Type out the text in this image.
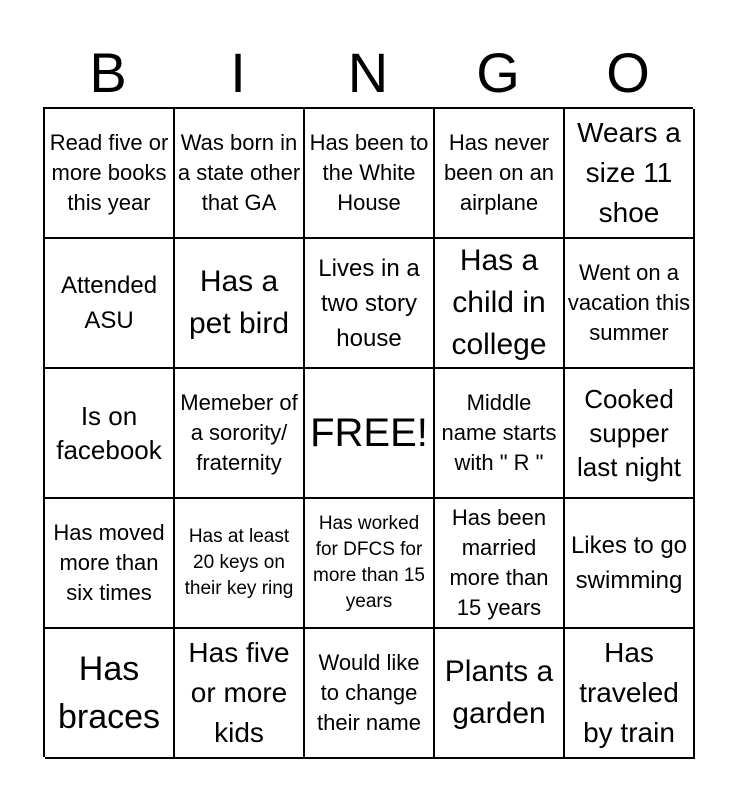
B	I	N	G	O
Read five or more books this year
Was born in a state other that GA
Has been to the White House
Has never been on an airplane
Wears a size 11 shoe
Attended ASU
Has a pet bird
Lives in a two story house
Has a child in college
Went on a vacation this summer
Is on facebook
Memeber of a sorority/ fraternity
FREE!
Middle name starts with " R "
Cooked supper last night
Has moved more than six times
Has at least 20 keys on their key ring
Has worked for DFCS for more than 15 years
Has been married more than 15 years
Likes to go swimming
Has braces
Has five or more kids
Would like to change their name
Plants a garden
Has traveled by train
